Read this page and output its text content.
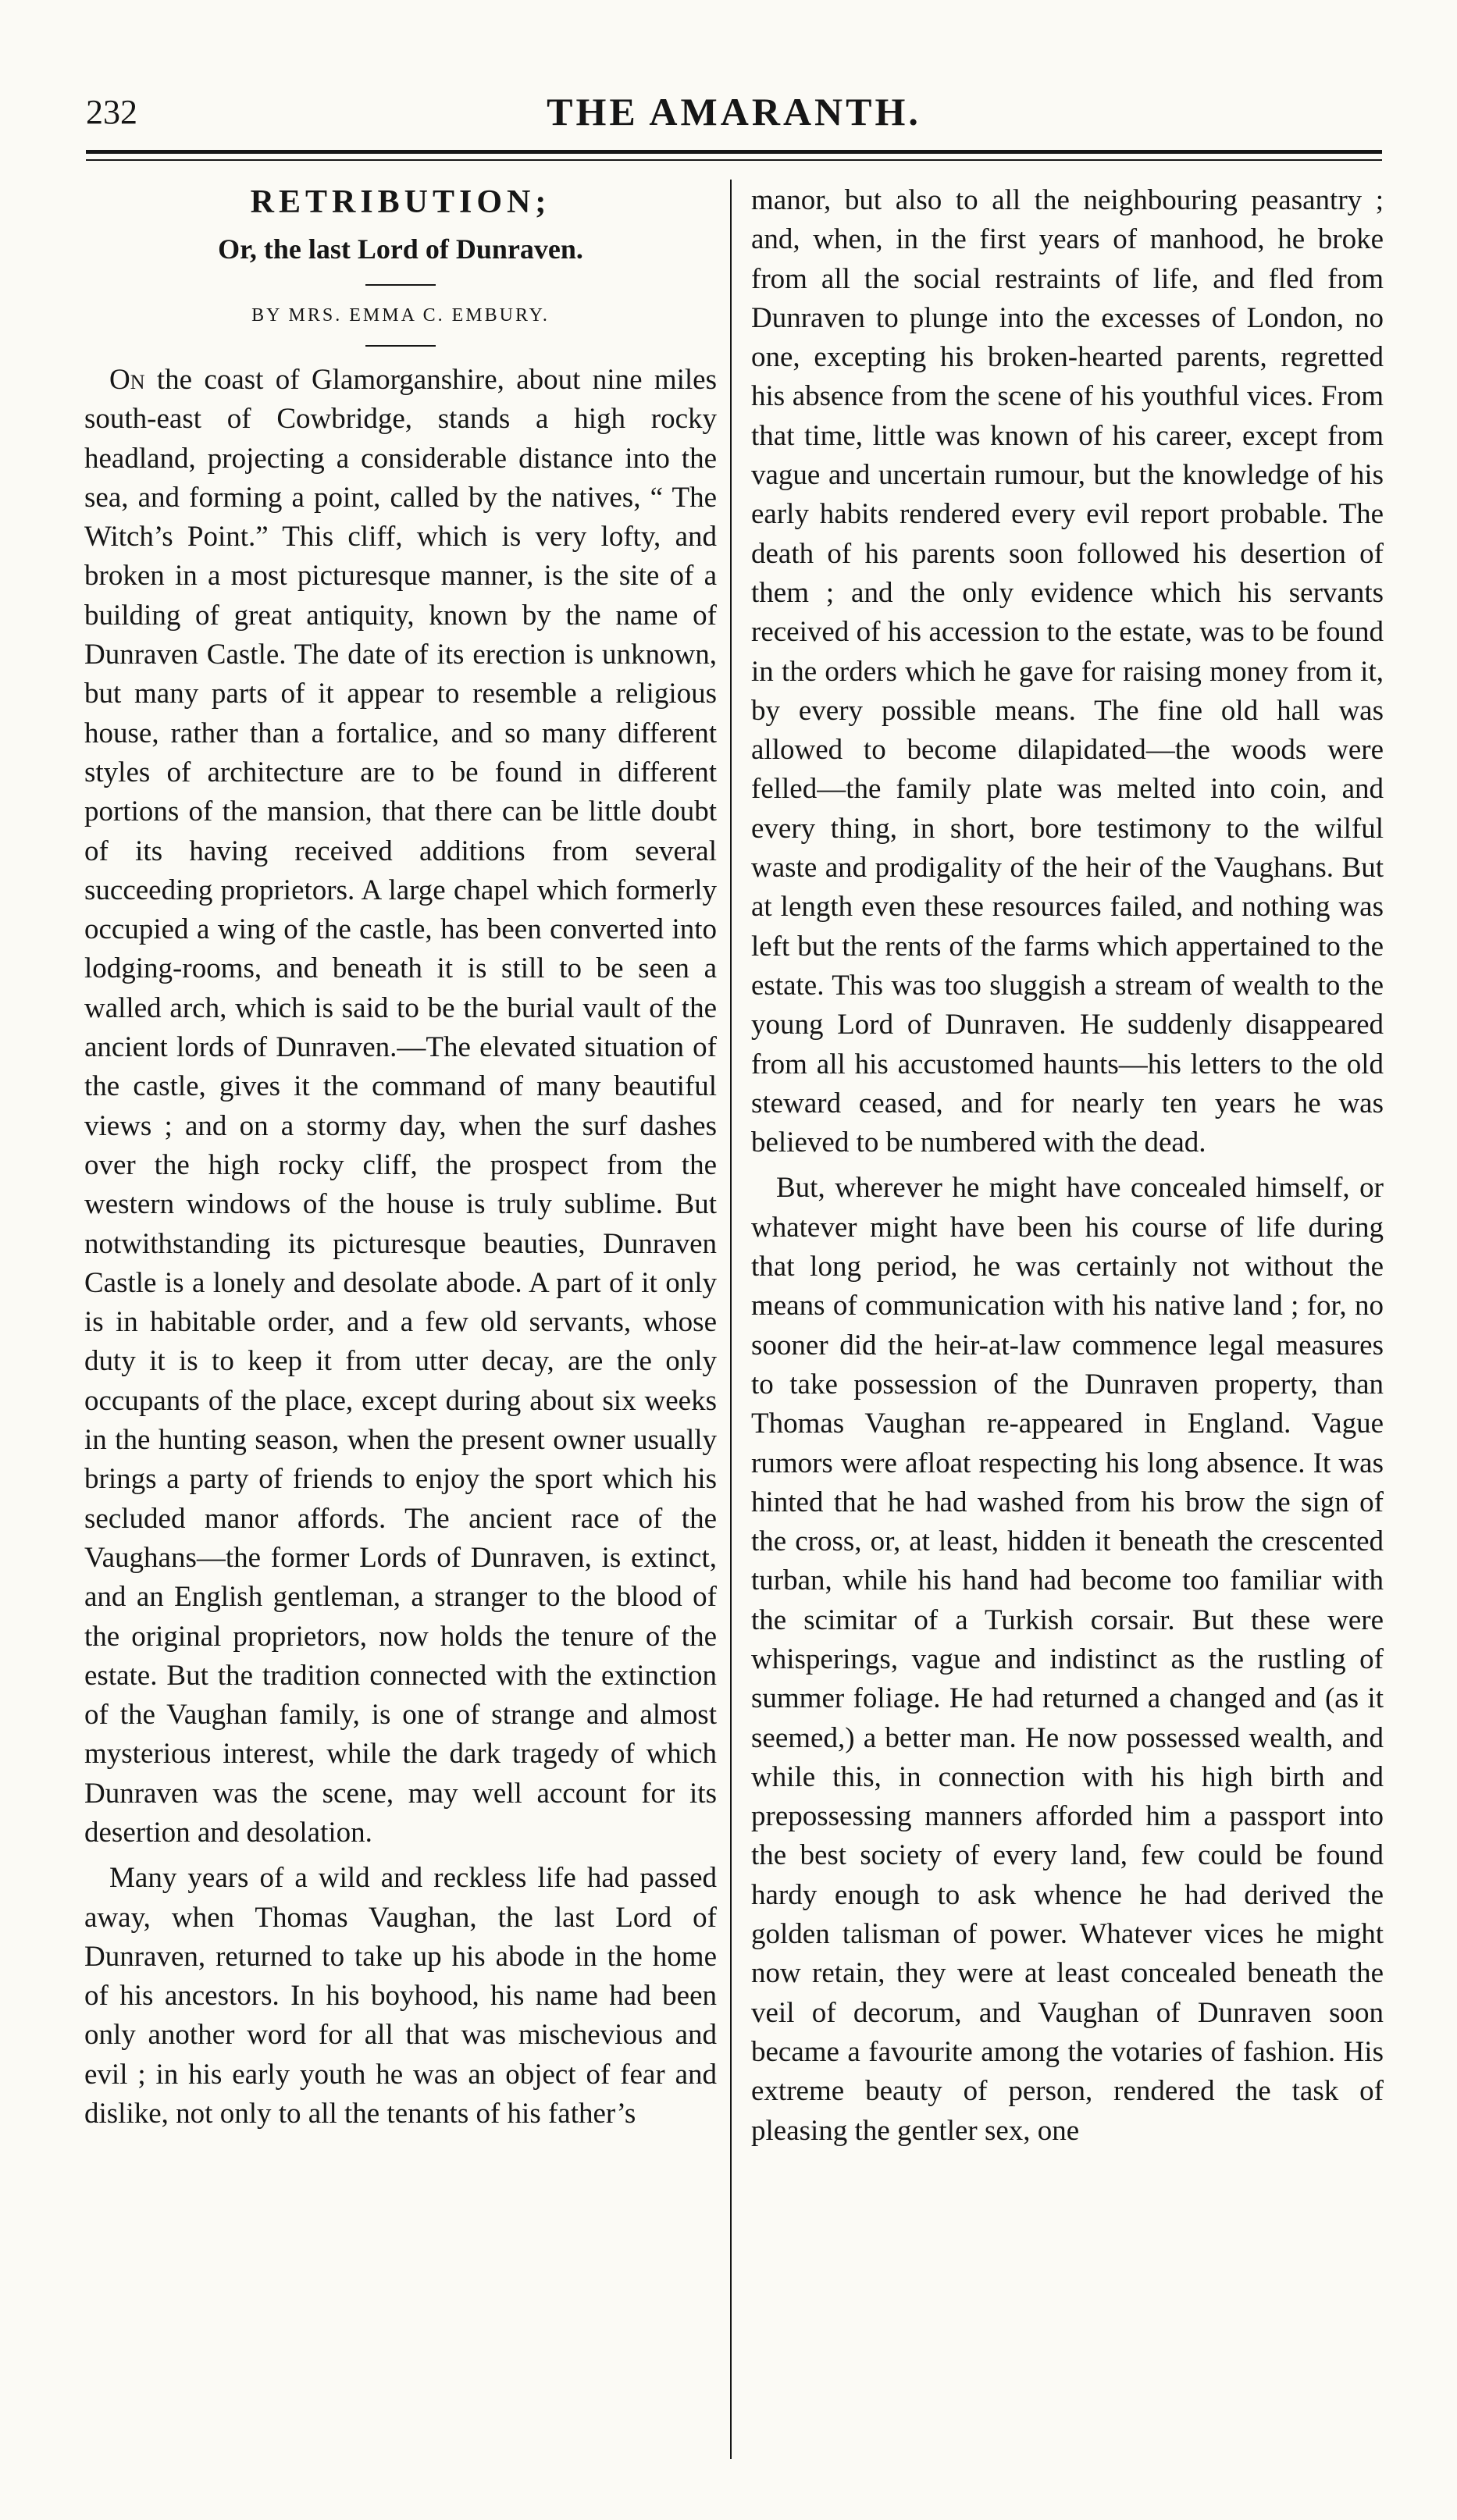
232	THE AMARANTH.
RETRIBUTION;
Or, the last Lord of Dunraven.

BY MRS. EMMA C. EMBURY.

On the coast of Glamorganshire, about nine miles south-east of Cowbridge, stands a high rocky headland, projecting a considerable distance into the sea, and forming a point, called by the natives, “ The Witch’s Point.” This cliff, which is very lofty, and broken in a most picturesque manner, is the site of a building of great antiquity, known by the name of Dunraven Castle. The date of its erection is unknown, but many parts of it appear to resemble a religious house, rather than a fortalice, and so many different styles of architecture are to be found in different portions of the mansion, that there can be little doubt of its having received additions from several succeeding proprietors. A large chapel which formerly occupied a wing of the castle, has been converted into lodging-rooms, and beneath it is still to be seen a walled arch, which is said to be the burial vault of the ancient lords of Dunraven.—The elevated situation of the castle, gives it the command of many beautiful views ; and on a stormy day, when the surf dashes over the high rocky cliff, the prospect from the western windows of the house is truly sublime. But notwithstanding its picturesque beauties, Dunraven Castle is a lonely and desolate abode. A part of it only is in habitable order, and a few old servants, whose duty it is to keep it from utter decay, are the only occupants of the place, except during about six weeks in the hunting season, when the present owner usually brings a party of friends to enjoy the sport which his secluded manor affords. The ancient race of the Vaughans—the former Lords of Dunraven, is extinct, and an English gentleman, a stranger to the blood of the original proprietors, now holds the tenure of the estate. But the tradition connected with the extinction of the Vaughan family, is one of strange and almost mysterious interest, while the dark tragedy of which Dunraven was the scene, may well account for its desertion and desolation.

Many years of a wild and reckless life had passed away, when Thomas Vaughan, the last Lord of Dunraven, returned to take up his abode in the home of his ancestors. In his boyhood, his name had been only another word for all that was mischevious and evil ; in his early youth he was an object of fear and dislike, not only to all the tenants of his father’s

manor, but also to all the neighbouring peasantry ; and, when, in the first years of manhood, he broke from all the social restraints of life, and fled from Dunraven to plunge into the excesses of London, no one, excepting his broken-hearted parents, regretted his absence from the scene of his youthful vices. From that time, little was known of his career, except from vague and uncertain rumour, but the knowledge of his early habits rendered every evil report probable. The death of his parents soon followed his desertion of them ; and the only evidence which his servants received of his accession to the estate, was to be found in the orders which he gave for raising money from it, by every possible means. The fine old hall was allowed to become dilapidated—the woods were felled—the family plate was melted into coin, and every thing, in short, bore testimony to the wilful waste and prodigality of the heir of the Vaughans. But at length even these resources failed, and nothing was left but the rents of the farms which appertained to the estate. This was too sluggish a stream of wealth to the young Lord of Dunraven. He suddenly disappeared from all his accustomed haunts—his letters to the old steward ceased, and for nearly ten years he was believed to be numbered with the dead.

But, wherever he might have concealed himself, or whatever might have been his course of life during that long period, he was certainly not without the means of communication with his native land ; for, no sooner did the heir-at-law commence legal measures to take possession of the Dunraven property, than Thomas Vaughan re-appeared in England. Vague rumors were afloat respecting his long absence. It was hinted that he had washed from his brow the sign of the cross, or, at least, hidden it beneath the crescented turban, while his hand had become too familiar with the scimitar of a Turkish corsair. But these were whisperings, vague and indistinct as the rustling of summer foliage. He had returned a changed and (as it seemed,) a better man. He now possessed wealth, and while this, in connection with his high birth and prepossessing manners afforded him a passport into the best society of every land, few could be found hardy enough to ask whence he had derived the golden talisman of power. Whatever vices he might now retain, they were at least concealed beneath the veil of decorum, and Vaughan of Dunraven soon became a favourite among the votaries of fashion. His extreme beauty of person, rendered the task of pleasing the gentler sex, one
